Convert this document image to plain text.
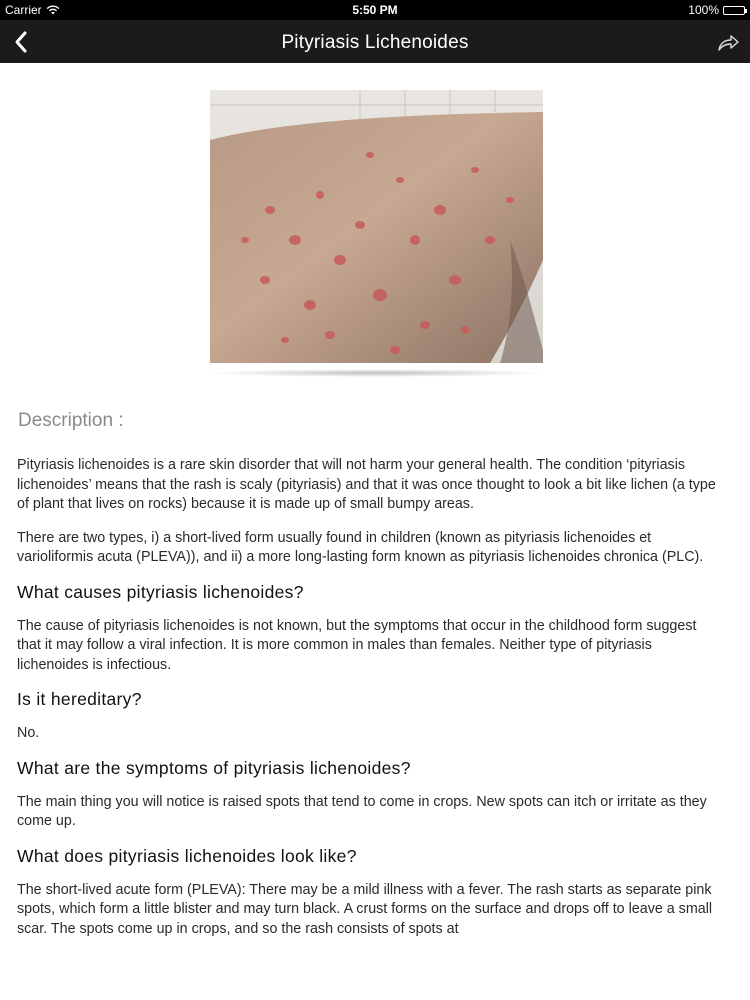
Carrier	5:50 PM	100%
Pityriasis Lichenoides
Description :

Pityriasis lichenoides is a rare skin disorder that will not harm your general health. The condition ‘pityriasis lichenoides’ means that the rash is scaly (pityriasis) and that it was once thought to look a bit like lichen (a type of plant that lives on rocks) because it is made up of small bumpy areas.

There are two types, i) a short-lived form usually found in children (known as pityriasis lichenoides et varioliformis acuta (PLEVA)), and ii) a more long-lasting form known as pityriasis lichenoides chronica (PLC).

What causes pityriasis lichenoides?

The cause of pityriasis lichenoides is not known, but the symptoms that occur in the childhood form suggest that it may follow a viral infection. It is more common in males than females. Neither type of pityriasis lichenoides is infectious.

Is it hereditary?

No.

What are the symptoms of pityriasis lichenoides?

The main thing you will notice is raised spots that tend to come in crops. New spots can itch or irritate as they come up.

What does pityriasis lichenoides look like?

The short-lived acute form (PLEVA): There may be a mild illness with a fever. The rash starts as separate pink spots, which form a little blister and may turn black. A crust forms on the surface and drops off to leave a small scar. The spots come up in crops, and so the rash consists of spots at
